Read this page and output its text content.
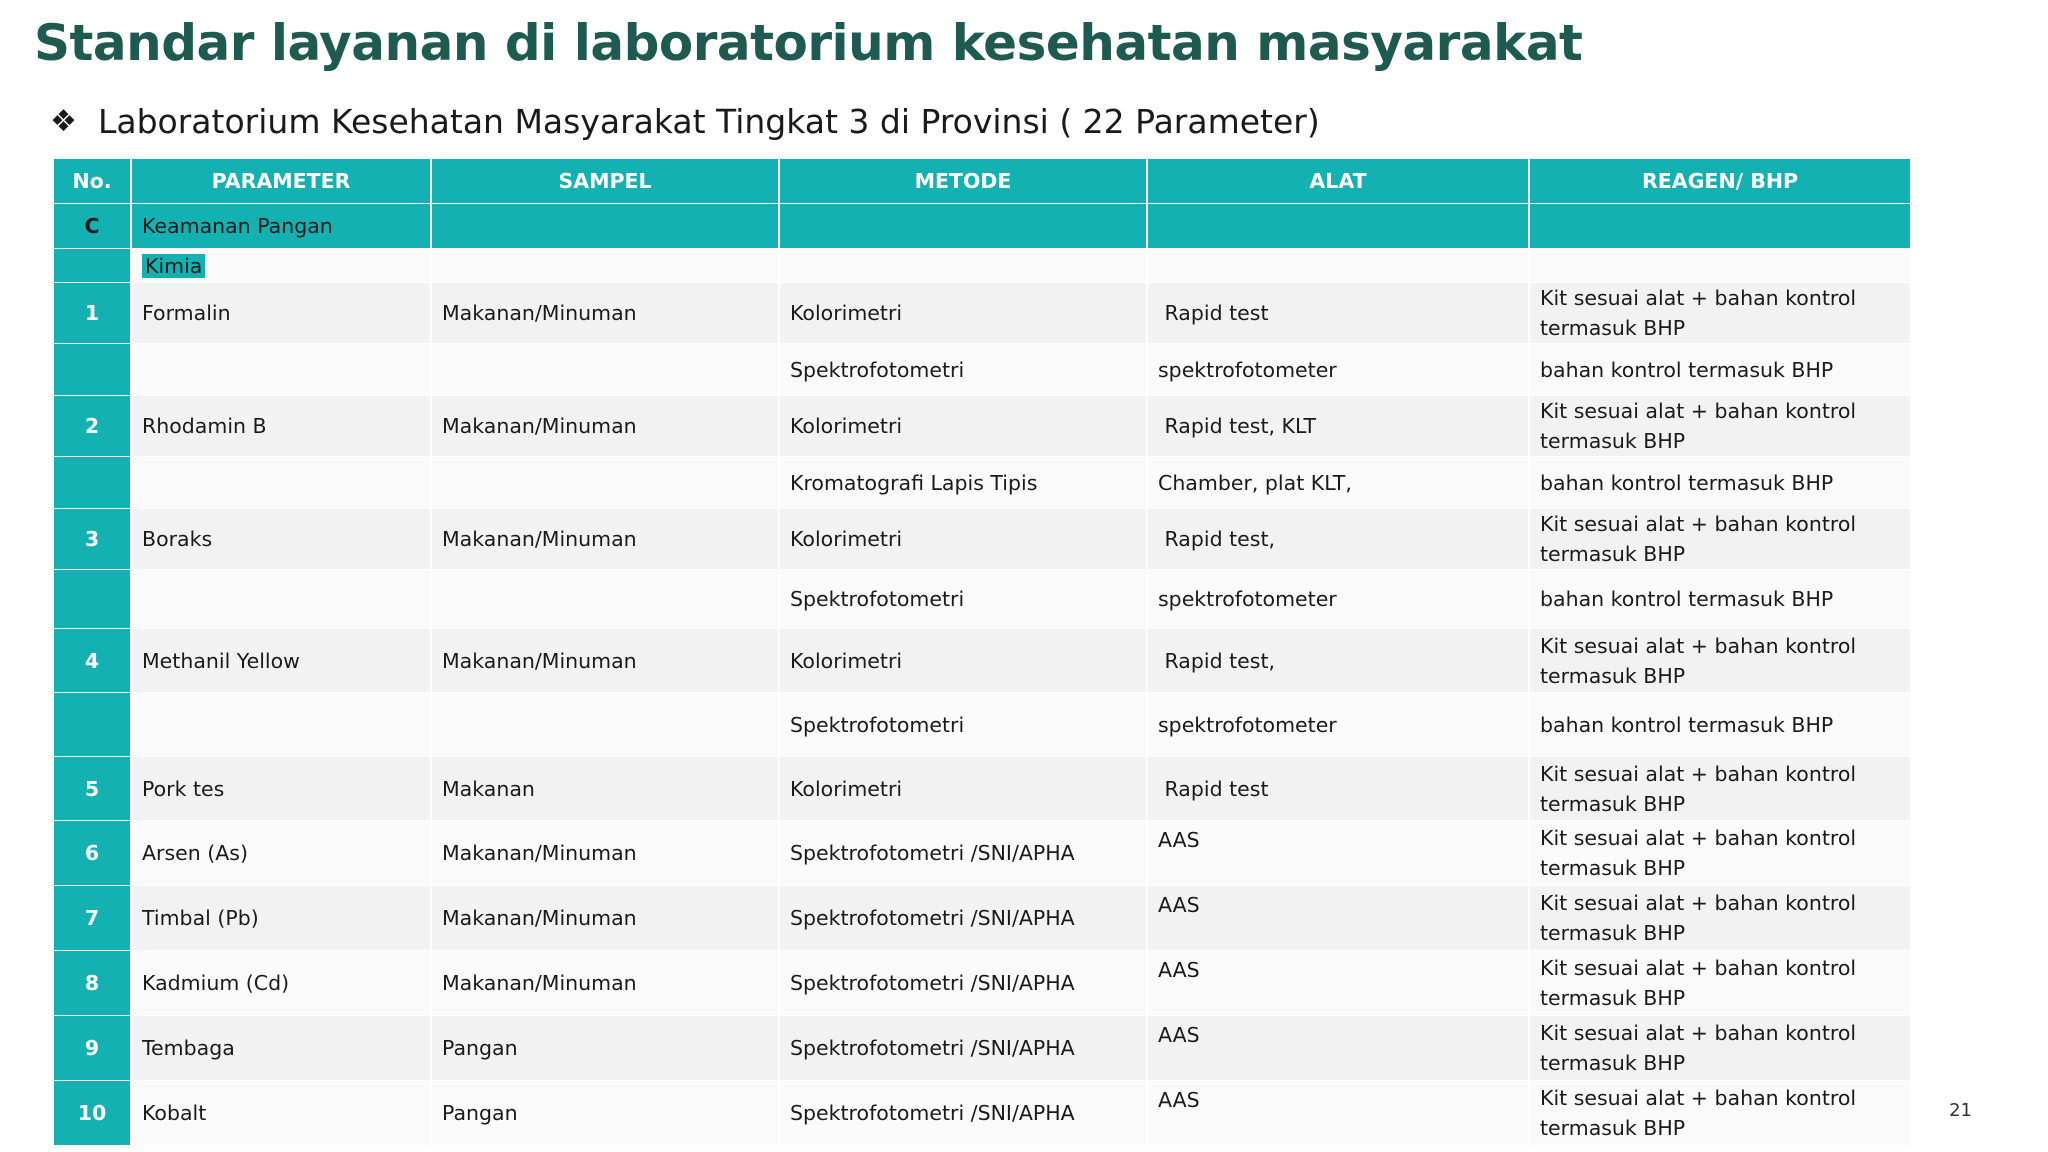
Standar layanan di laboratorium kesehatan masyarakat
❖ Laboratorium Kesehatan Masyarakat Tingkat 3 di Provinsi ( 22 Parameter)
No.	PARAMETER	SAMPEL	METODE	ALAT	REAGEN/ BHP
C	Keamanan Pangan				
	Kimia				
1	Formalin	Makanan/Minuman	Kolorimetri	Rapid test	Kit sesuai alat + bahan kontrol termasuk BHP
			Spektrofotometri	spektrofotometer	bahan kontrol termasuk BHP
2	Rhodamin B	Makanan/Minuman	Kolorimetri	Rapid test, KLT	Kit sesuai alat + bahan kontrol termasuk BHP
			Kromatografi Lapis Tipis	Chamber, plat KLT,	bahan kontrol termasuk BHP
3	Boraks	Makanan/Minuman	Kolorimetri	Rapid test,	Kit sesuai alat + bahan kontrol termasuk BHP
			Spektrofotometri	spektrofotometer	bahan kontrol termasuk BHP
4	Methanil Yellow	Makanan/Minuman	Kolorimetri	Rapid test,	Kit sesuai alat + bahan kontrol termasuk BHP
			Spektrofotometri	spektrofotometer	bahan kontrol termasuk BHP
5	Pork tes	Makanan	Kolorimetri	Rapid test	Kit sesuai alat + bahan kontrol termasuk BHP
6	Arsen (As)	Makanan/Minuman	Spektrofotometri /SNI/APHA	AAS	Kit sesuai alat + bahan kontrol termasuk BHP
7	Timbal (Pb)	Makanan/Minuman	Spektrofotometri /SNI/APHA	AAS	Kit sesuai alat + bahan kontrol termasuk BHP
8	Kadmium (Cd)	Makanan/Minuman	Spektrofotometri /SNI/APHA	AAS	Kit sesuai alat + bahan kontrol termasuk BHP
9	Tembaga	Pangan	Spektrofotometri /SNI/APHA	AAS	Kit sesuai alat + bahan kontrol termasuk BHP
10	Kobalt	Pangan	Spektrofotometri /SNI/APHA	AAS	Kit sesuai alat + bahan kontrol termasuk BHP
21
